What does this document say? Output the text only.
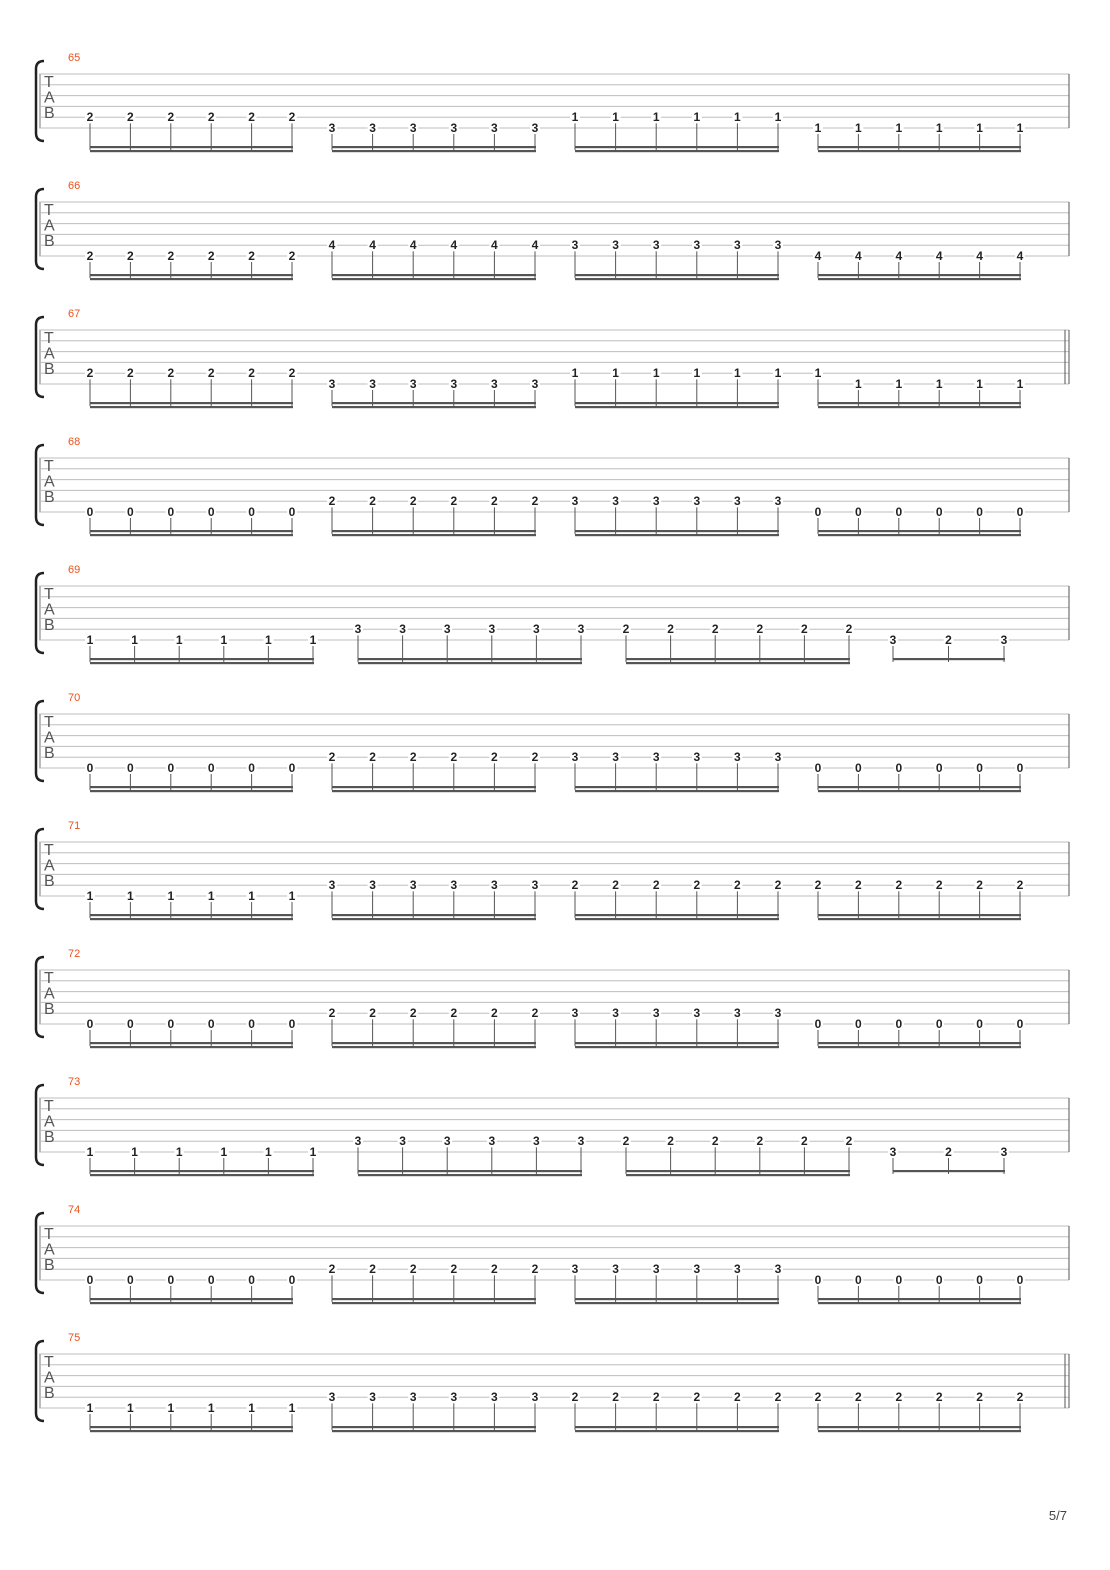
65
T
A
B	2	2	2	2	2	2
3	3	3	3	3	3
1	1	1	1	1	1
1	1	1	1	1	1
66
T
A
B
2	2	2	2	2	2
4	4	4	4	4	4	3	3	3	3	3	3
4	4	4	4	4	4
67
T
A
B	2	2	2	2	2	2
3	3	3	3	3	3
1	1	1	1	1	1	1
1	1	1	1	1
68
T
A
B
0	0	0	0	0	0
2	2	2	2	2	2	3	3	3	3	3	3
0	0	0	0	0	0
69
T
A
B
1	1	1	1	1	1
3	3	3	3	3	3	2	2	2	2	2	2
3	2	3
70
T
A
B
0	0	0	0	0	0
2	2	2	2	2	2	3	3	3	3	3	3
0	0	0	0	0	0
71
T
A
B
1	1	1	1	1	1
3	3	3	3	3	3	2	2	2	2	2	2	2	2	2	2	2	2
72
T
A
B
0	0	0	0	0	0
2	2	2	2	2	2	3	3	3	3	3	3
0	0	0	0	0	0
73
T
A
B
1	1	1	1	1	1
3	3	3	3	3	3	2	2	2	2	2	2
3	2	3
74
T
A
B
0	0	0	0	0	0
2	2	2	2	2	2	3	3	3	3	3	3
0	0	0	0	0	0
75
T
A
B
1	1	1	1	1	1
3	3	3	3	3	3	2	2	2	2	2	2	2	2	2	2	2	2
5/7
